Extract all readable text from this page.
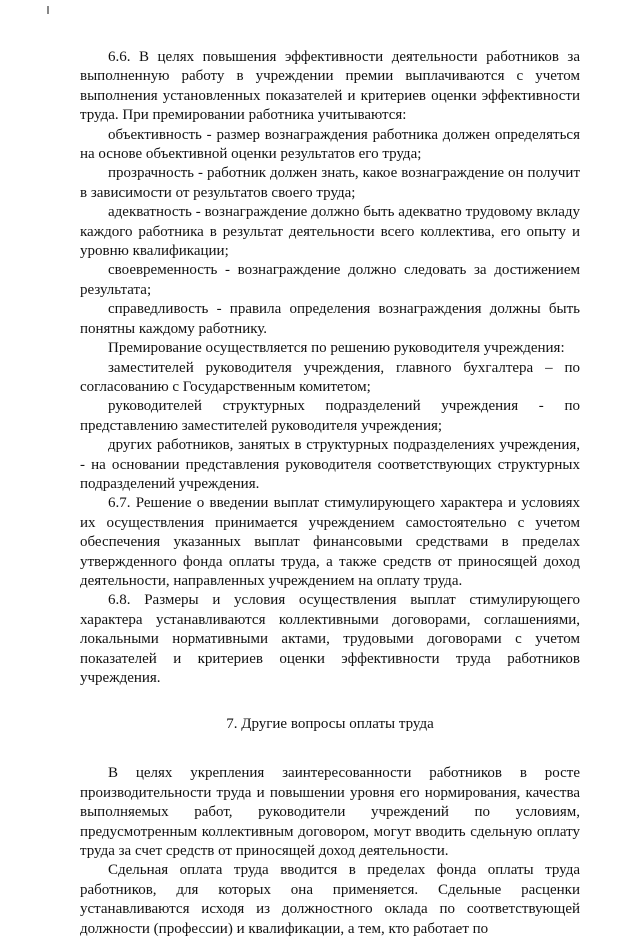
6.6. В целях повышения эффективности деятельности работников за выполненную работу в учреждении премии выплачиваются с учетом выполнения установленных показателей и критериев оценки эффективности труда. При премировании работника учитываются:

объективность - размер вознаграждения работника должен определяться на основе объективной оценки результатов его труда;

прозрачность - работник должен знать, какое вознаграждение он получит в зависимости от результатов своего труда;

адекватность - вознаграждение должно быть адекватно трудовому вкладу каждого работника в результат деятельности всего коллектива, его опыту и уровню квалификации;

своевременность - вознаграждение должно следовать за достижением результата;

справедливость - правила определения вознаграждения должны быть понятны каждому работнику.

Премирование осуществляется по решению руководителя учреждения:

заместителей руководителя учреждения, главного бухгалтера – по согласованию с Государственным комитетом;

руководителей структурных подразделений учреждения - по представлению заместителей руководителя учреждения;

других работников, занятых в структурных подразделениях учреждения, - на основании представления руководителя соответствующих структурных подразделений учреждения.

6.7. Решение о введении выплат стимулирующего характера и условиях их осуществления принимается учреждением самостоятельно с учетом обеспечения указанных выплат финансовыми средствами в пределах утвержденного фонда оплаты труда, а также средств от приносящей доход деятельности, направленных учреждением на оплату труда.

6.8. Размеры и условия осуществления выплат стимулирующего характера устанавливаются коллективными договорами, соглашениями, локальными нормативными актами, трудовыми договорами с учетом показателей и критериев оценки эффективности труда работников учреждения.

7. Другие вопросы оплаты труда

В целях укрепления заинтересованности работников в росте производительности труда и повышении уровня его нормирования, качества выполняемых работ, руководители учреждений по условиям, предусмотренным коллективным договором, могут вводить сдельную оплату труда за счет средств от приносящей доход деятельности.

Сдельная оплата труда вводится в пределах фонда оплаты труда работников, для которых она применяется. Сдельные расценки устанавливаются исходя из должностного оклада по соответствующей должности (профессии) и квалификации, а тем, кто работает по
